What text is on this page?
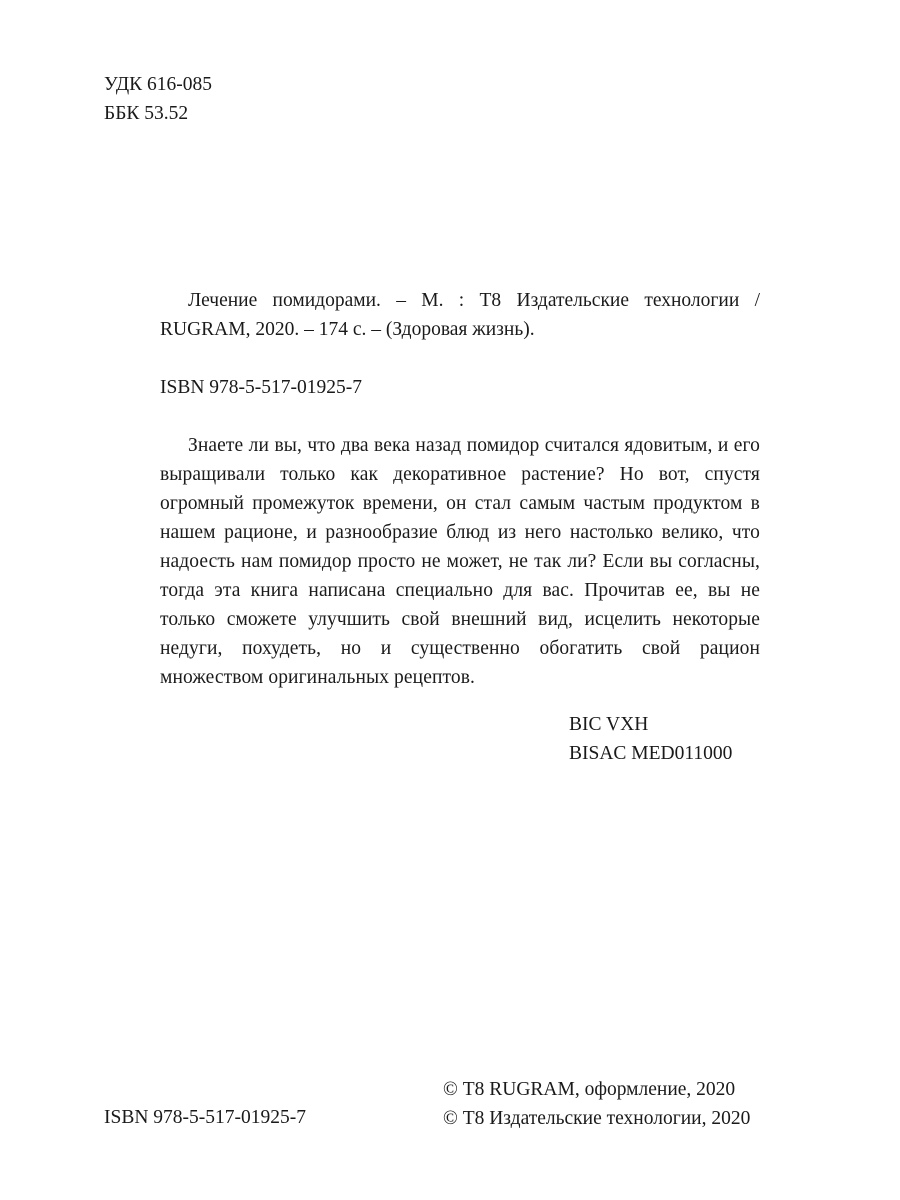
УДК 616-085
ББК 53.52

Лечение помидорами. – М. : Т8 Издательские технологии / RUGRAM, 2020. – 174 с. – (Здоровая жизнь).

ISBN 978-5-517-01925-7

Знаете ли вы, что два века назад помидор считался ядовитым, и его выращивали только как декоративное растение? Но вот, спустя огромный промежуток времени, он стал самым частым продуктом в нашем рационе, и разнообразие блюд из него настолько велико, что надоесть нам помидор просто не может, не так ли? Если вы согласны, тогда эта книга написана специально для вас. Прочитав ее, вы не только сможете улучшить свой внешний вид, исцелить некоторые недуги, похудеть, но и существенно обогатить свой рацион множеством оригинальных рецептов.

BIC VXH
BISAC MED011000
ISBN 978-5-517-01925-7
© Т8 RUGRAM, оформление, 2020
© Т8 Издательские технологии, 2020
